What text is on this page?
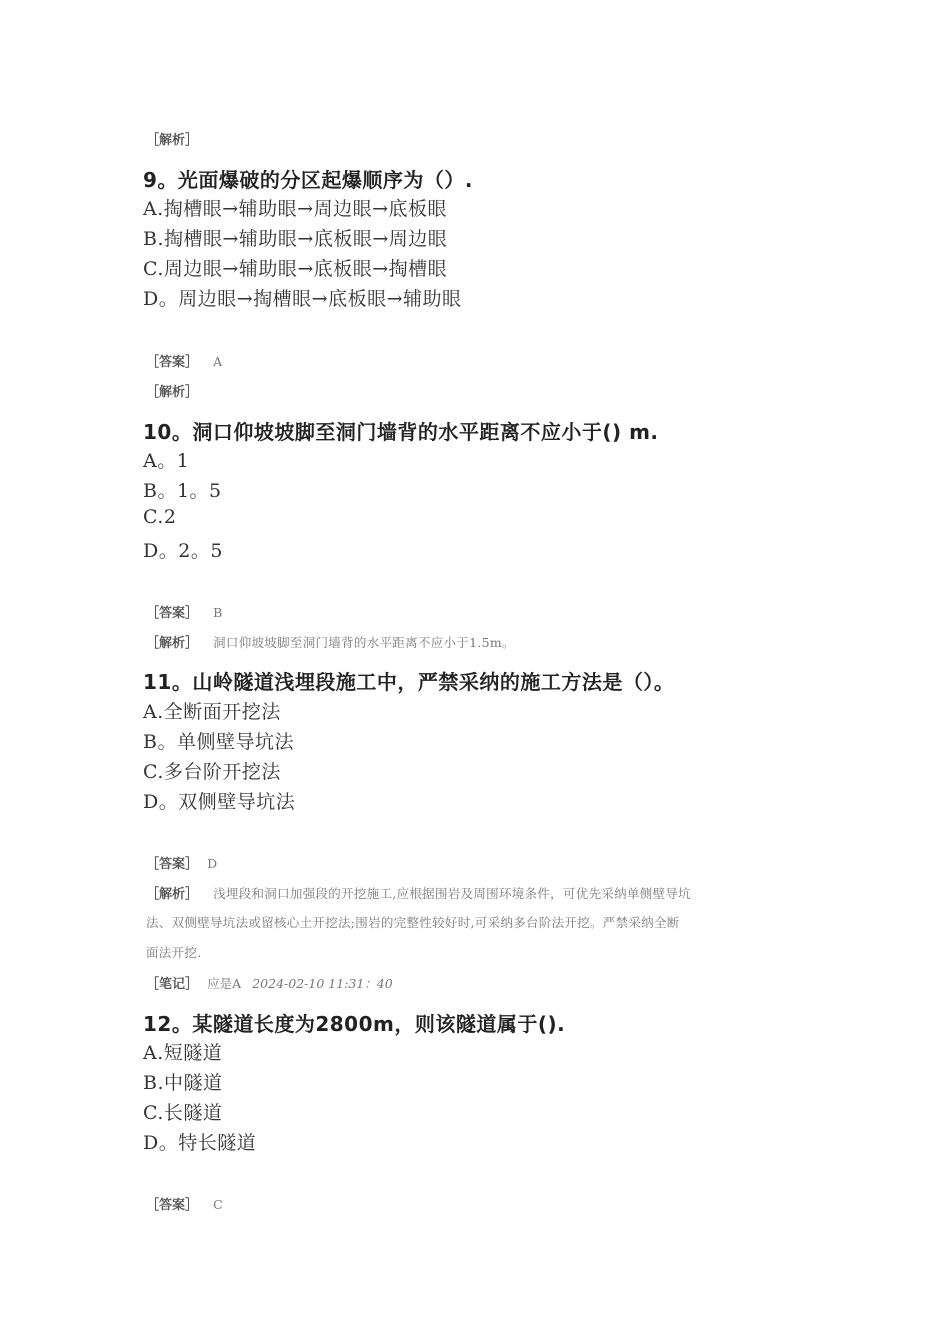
［解析］
9。光面爆破的分区起爆顺序为（）.
A.掏槽眼→辅助眼→周边眼→底板眼
B.掏槽眼→辅助眼→底板眼→周边眼
C.周边眼→辅助眼→底板眼→掏槽眼
D。周边眼→掏槽眼→底板眼→辅助眼
［答案］ A
［解析］
10。洞口仰坡坡脚至洞门墙背的水平距离不应小于() m.
A。1
B。1。5
C.2
D。2。5
［答案］ B
［解析］ 洞口仰坡坡脚至洞门墙背的水平距离不应小于1.5m。
11。山岭隧道浅埋段施工中，严禁采纳的施工方法是（）。
A.全断面开挖法
B。单侧壁导坑法
C.多台阶开挖法
D。双侧壁导坑法
［答案］ D
［解析］ 浅埋段和洞口加强段的开挖施工,应根据围岩及周围环境条件，可优先采纳单侧壁导坑
法、双侧壁导坑法或留核心土开挖法;围岩的完整性较好时,可采纳多台阶法开挖。严禁采纳全断
面法开挖.
［笔记］ 应是A 2024-02-10 11:31：40
12。某隧道长度为2800m，则该隧道属于().
A.短隧道
B.中隧道
C.长隧道
D。特长隧道
［答案］ C
